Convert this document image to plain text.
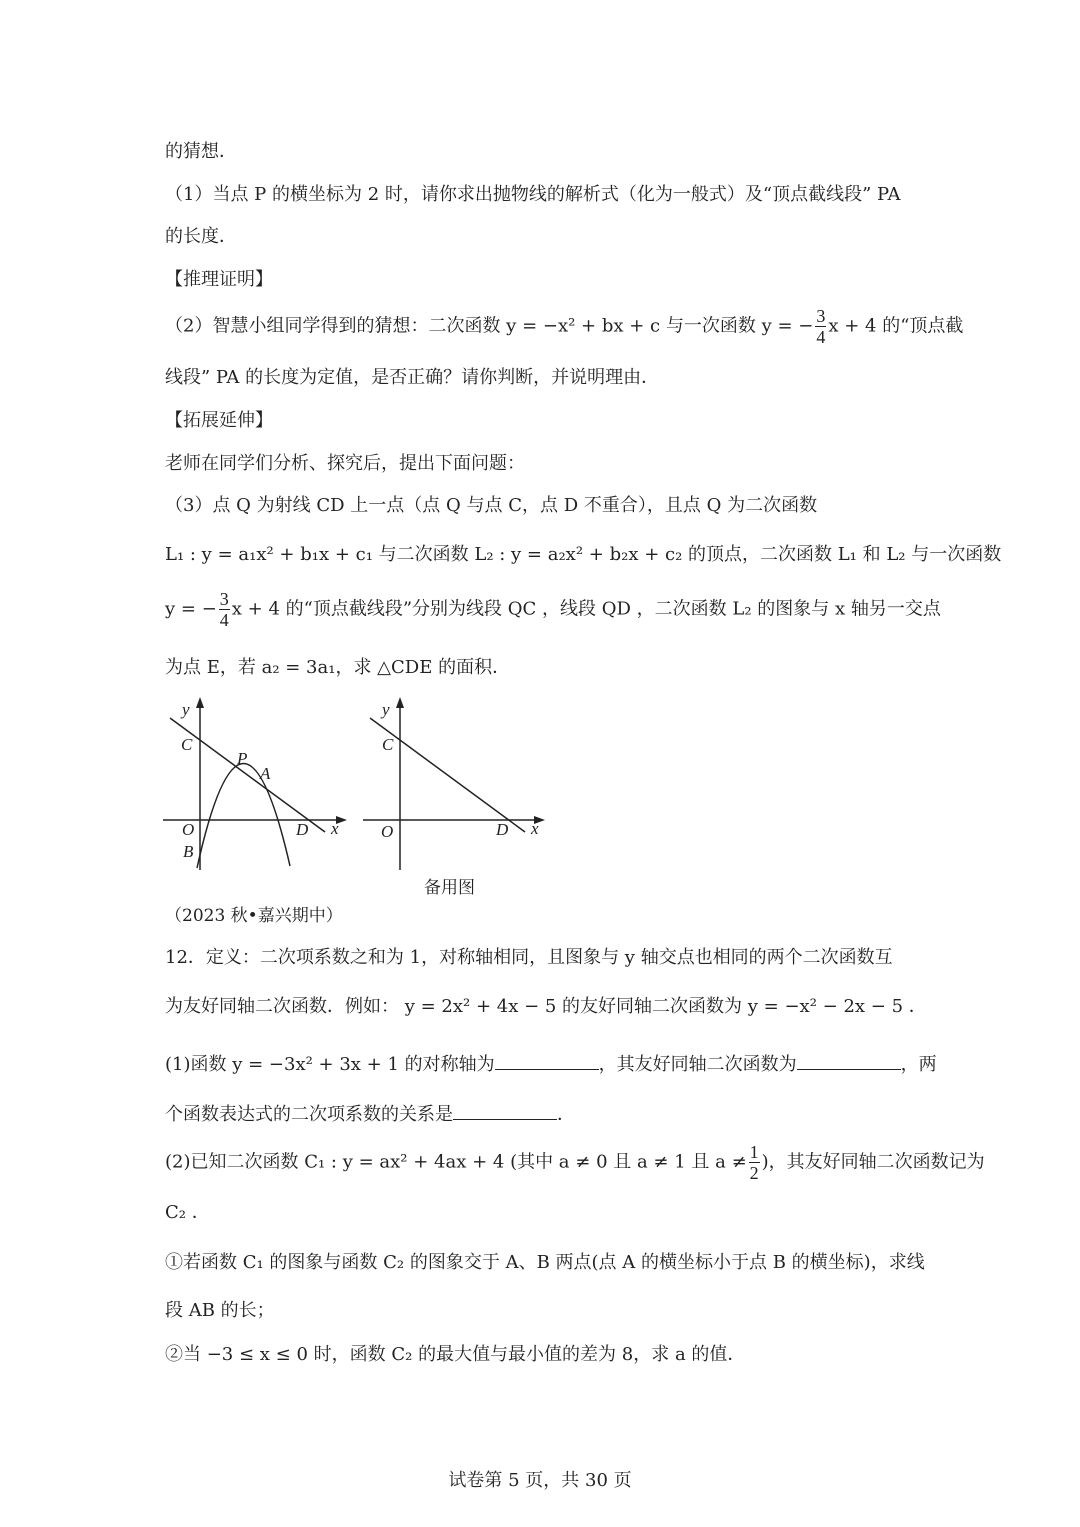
的猜想．
（1）当点 P 的横坐标为 2 时，请你求出抛物线的解析式（化为一般式）及“顶点截线段” PA
的长度．
【推理证明】
（2）智慧小组同学得到的猜想：二次函数 y = −x² + bx + c 与一次函数 y = − $\frac{3}{4}$ x + 4 的“顶点截
线段” PA 的长度为定值，是否正确？请你判断，并说明理由．
【拓展延伸】
老师在同学们分析、探究后，提出下面问题：
（3）点 Q 为射线 CD 上一点（点 Q 与点 C，点 D 不重合），且点 Q 为二次函数
L₁ : y = a₁x² + b₁x + c₁ 与二次函数 L₂ : y = a₂x² + b₂x + c₂ 的顶点，二次函数 L₁ 和 L₂ 与一次函数
y = − $\frac{3}{4}$ x + 4 的“顶点截线段”分别为线段 QC ，线段 QD ，二次函数 L₂ 的图象与 x 轴另一交点
为点 E，若 a₂ = 3a₁，求 △CDE 的面积．
y
C
P
A
O
B
D x
y
C
O	D x
备用图
（2023 秋•嘉兴期中）
12．定义：二次项系数之和为 1，对称轴相同，且图象与 y 轴交点也相同的两个二次函数互
为友好同轴二次函数．例如： y = 2x² + 4x − 5 的友好同轴二次函数为 y = −x² − 2x − 5 ．
(1)函数 y = −3x² + 3x + 1 的对称轴为	，其友好同轴二次函数为	，两
个函数表达式的二次项系数的关系是	．
(2)已知二次函数 C₁ : y = ax² + 4ax + 4 (其中 a ≠ 0 且 a ≠ 1 且 $a \ne \frac{1}{2}$ )，其友好同轴二次函数记为
C₂ ．
①若函数 C₁ 的图象与函数 C₂ 的图象交于 A、B 两点(点 A 的横坐标小于点 B 的横坐标)，求线
段 AB 的长；
②当 −3 ≤ x ≤ 0 时，函数 C₂ 的最大值与最小值的差为 8，求 a 的值．
试卷第 5 页，共 30 页
